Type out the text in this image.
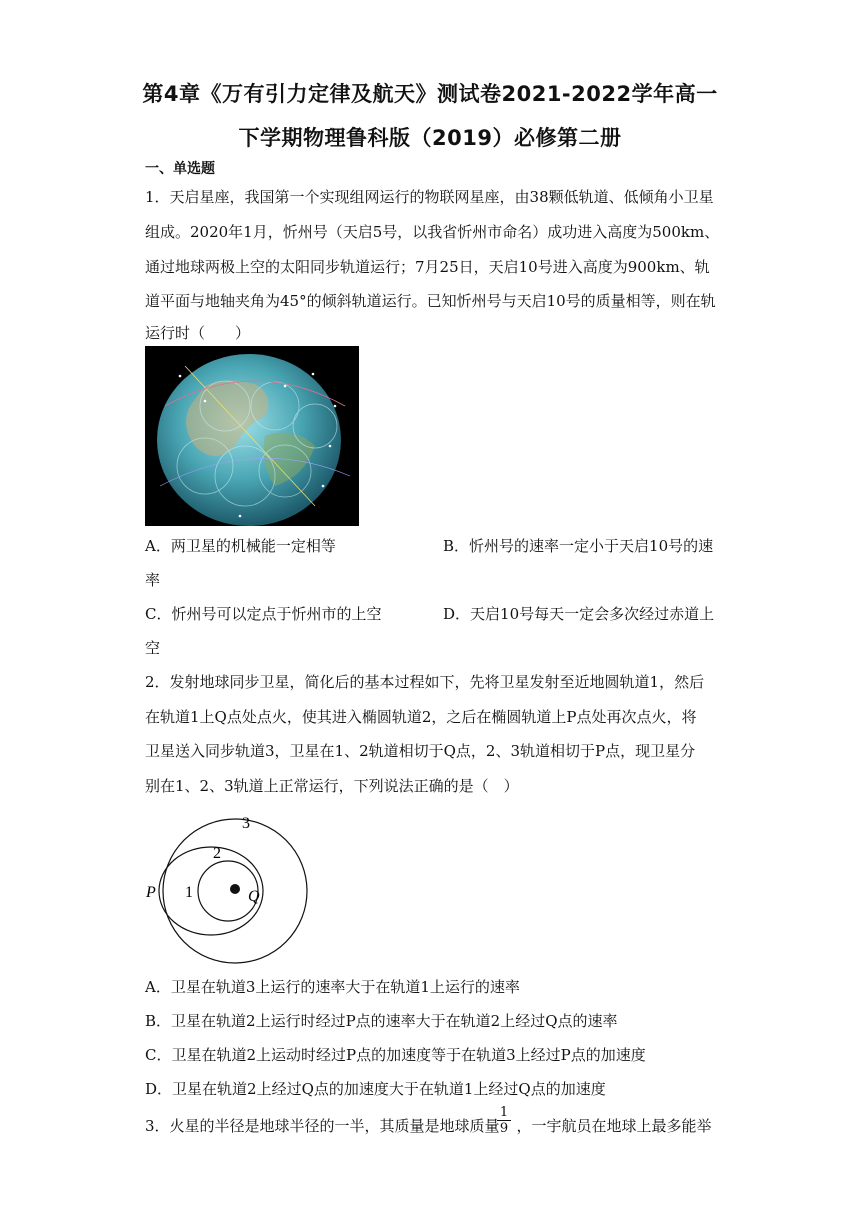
第4章《万有引力定律及航天》测试卷2021-2022学年高一
下学期物理鲁科版（2019）必修第二册
一、单选题
1．天启星座，我国第一个实现组网运行的物联网星座，由38颗低轨道、低倾角小卫星
组成。2020年1月，忻州号（天启5号，以我省忻州市命名）成功进入高度为500km、
通过地球两极上空的太阳同步轨道运行；7月25日，天启10号进入高度为900km、轨
道平面与地轴夹角为45°的倾斜轨道运行。已知忻州号与天启10号的质量相等，则在轨
运行时（　　）
A．两卫星的机械能一定相等	B．忻州号的速率一定小于天启10号的速
率
C．忻州号可以定点于忻州市的上空	D．天启10号每天一定会多次经过赤道上
空
2．发射地球同步卫星，简化后的基本过程如下，先将卫星发射至近地圆轨道1，然后
在轨道1上Q点处点火，使其进入椭圆轨道2，之后在椭圆轨道上P点处再次点火，将
卫星送入同步轨道3，卫星在1、2轨道相切于Q点，2、3轨道相切于P点，现卫星分
别在1、2、3轨道上正常运行，下列说法正确的是（　）
3
2
1
P	Q
A．卫星在轨道3上运行的速率大于在轨道1上运行的速率
B．卫星在轨道2上运行时经过P点的速率大于在轨道2上经过Q点的速率
C．卫星在轨道2上运动时经过P点的加速度等于在轨道3上经过P点的加速度
D．卫星在轨道2上经过Q点的加速度大于在轨道1上经过Q点的加速度
3．火星的半径是地球半径的一半，其质量是地球质量 ，一宇航员在地球上最多能举
$\frac{1}{9}$
